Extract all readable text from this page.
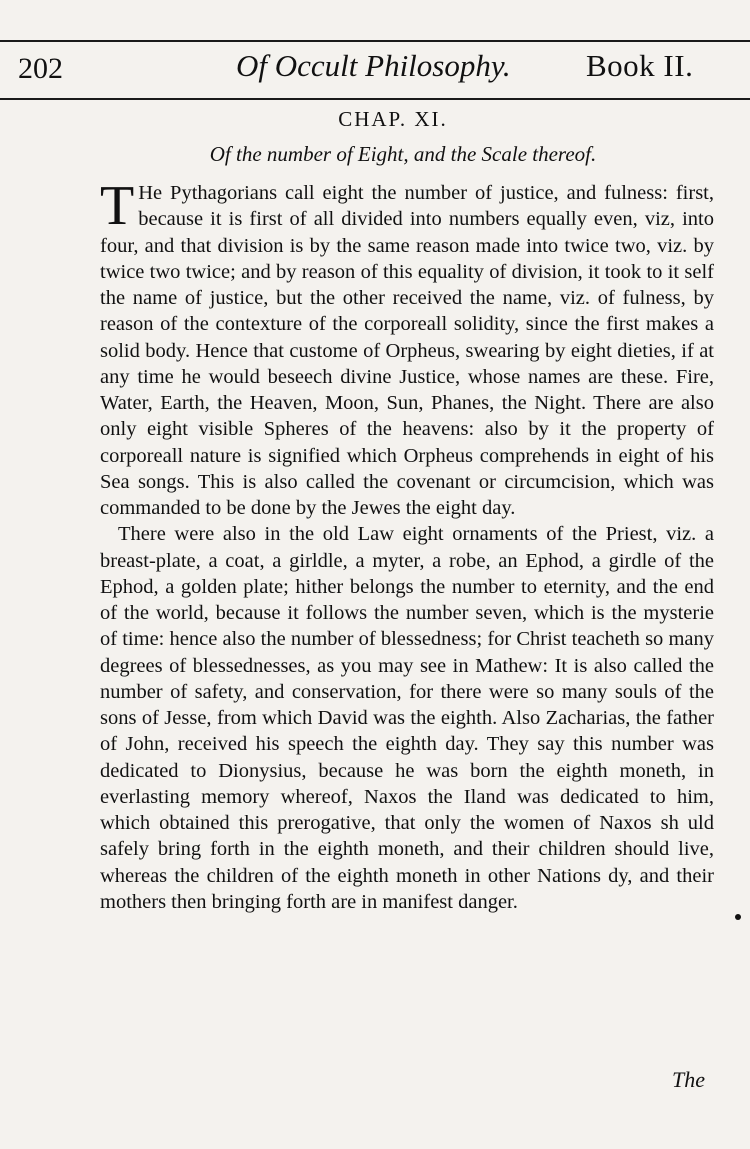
202	Of Occult Philosophy. Book II.
CHAP. XI.
Of the number of Eight, and the Scale thereof.

T He Pythagorians call eight the number of justice, and fulness: first, because it is first of all divided into numbers equally even, viz, into four, and that division is by the same reason made into twice two, viz. by twice two twice; and by reason of this equality of division, it took to it self the name of justice, but the other received the name, viz. of fulness, by reason of the contexture of the corporeall solidity, since the first makes a solid body. Hence that custome of Orpheus, swearing by eight dieties, if at any time he would beseech divine Justice, whose names are these. Fire, Water, Earth, the Heaven, Moon, Sun, Phanes, the Night. There are also only eight visible Spheres of the heavens: also by it the property of corporeall nature is signified which Orpheus comprehends in eight of his Sea songs. This is also called the covenant or circumcision, which was commanded to be done by the Jewes the eight day.

There were also in the old Law eight ornaments of the Priest, viz. a breast-plate, a coat, a girldle, a myter, a robe, an Ephod, a girdle of the Ephod, a golden plate; hither belongs the number to eternity, and the end of the world, because it follows the number seven, which is the mysterie of time: hence also the number of blessedness; for Christ teacheth so many degrees of blessednesses, as you may see in Mathew: It is also called the number of safety, and conservation, for there were so many souls of the sons of Jesse, from which David was the eighth. Also Zacharias, the father of John, received his speech the eighth day. They say this number was dedicated to Dionysius, because he was born the eighth moneth, in everlasting memory whereof, Naxos the Iland was dedicated to him, which obtained this prerogative, that only the women of Naxos sh uld safely bring forth in the eighth moneth, and their children should live, whereas the children of the eighth moneth in other Nations dy, and their mothers then bringing forth are in manifest danger.

The
